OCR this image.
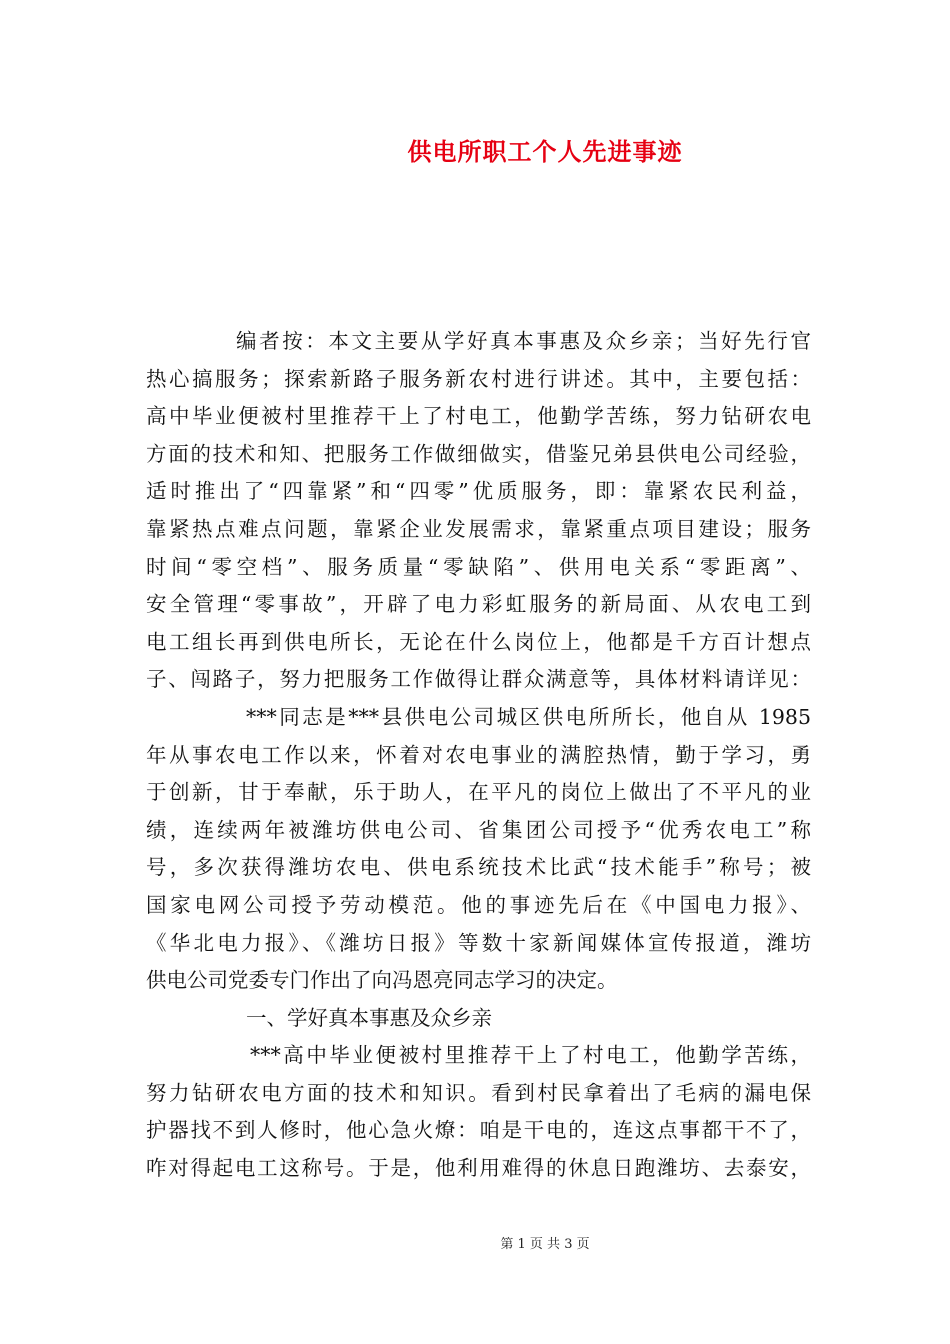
供电所职工个人先进事迹
编者按：本文主要从学好真本事惠及众乡亲；当好先行官
热心搞服务；探索新路子服务新农村进行讲述。其中，主要包括：
高中毕业便被村里推荐干上了村电工，他勤学苦练，努力钻研农电
方面的技术和知、把服务工作做细做实，借鉴兄弟县供电公司经验，
适时推出了“四靠紧”和“四零”优质服务，即：靠紧农民利益，
靠紧热点难点问题，靠紧企业发展需求，靠紧重点项目建设；服务
时间“零空档”、服务质量“零缺陷”、供用电关系“零距离”、
安全管理“零事故”，开辟了电力彩虹服务的新局面、从农电工到
电工组长再到供电所长，无论在什么岗位上，他都是千方百计想点
子、闯路子，努力把服务工作做得让群众满意等，具体材料请详见：
***同志是***县供电公司城区供电所所长，他自从 1985
年从事农电工作以来，怀着对农电事业的满腔热情，勤于学习，勇
于创新，甘于奉献，乐于助人，在平凡的岗位上做出了不平凡的业
绩，连续两年被潍坊供电公司、省集团公司授予“优秀农电工”称
号，多次获得潍坊农电、供电系统技术比武“技术能手”称号；被
国家电网公司授予劳动模范。他的事迹先后在《中国电力报》、
《华北电力报》、《潍坊日报》等数十家新闻媒体宣传报道，潍坊
供电公司党委专门作出了向冯恩亮同志学习的决定。
一、学好真本事惠及众乡亲
***高中毕业便被村里推荐干上了村电工，他勤学苦练，
努力钻研农电方面的技术和知识。看到村民拿着出了毛病的漏电保
护器找不到人修时，他心急火燎：咱是干电的，连这点事都干不了，
咋对得起电工这称号。于是，他利用难得的休息日跑潍坊、去泰安，
第 1 页 共 3 页
